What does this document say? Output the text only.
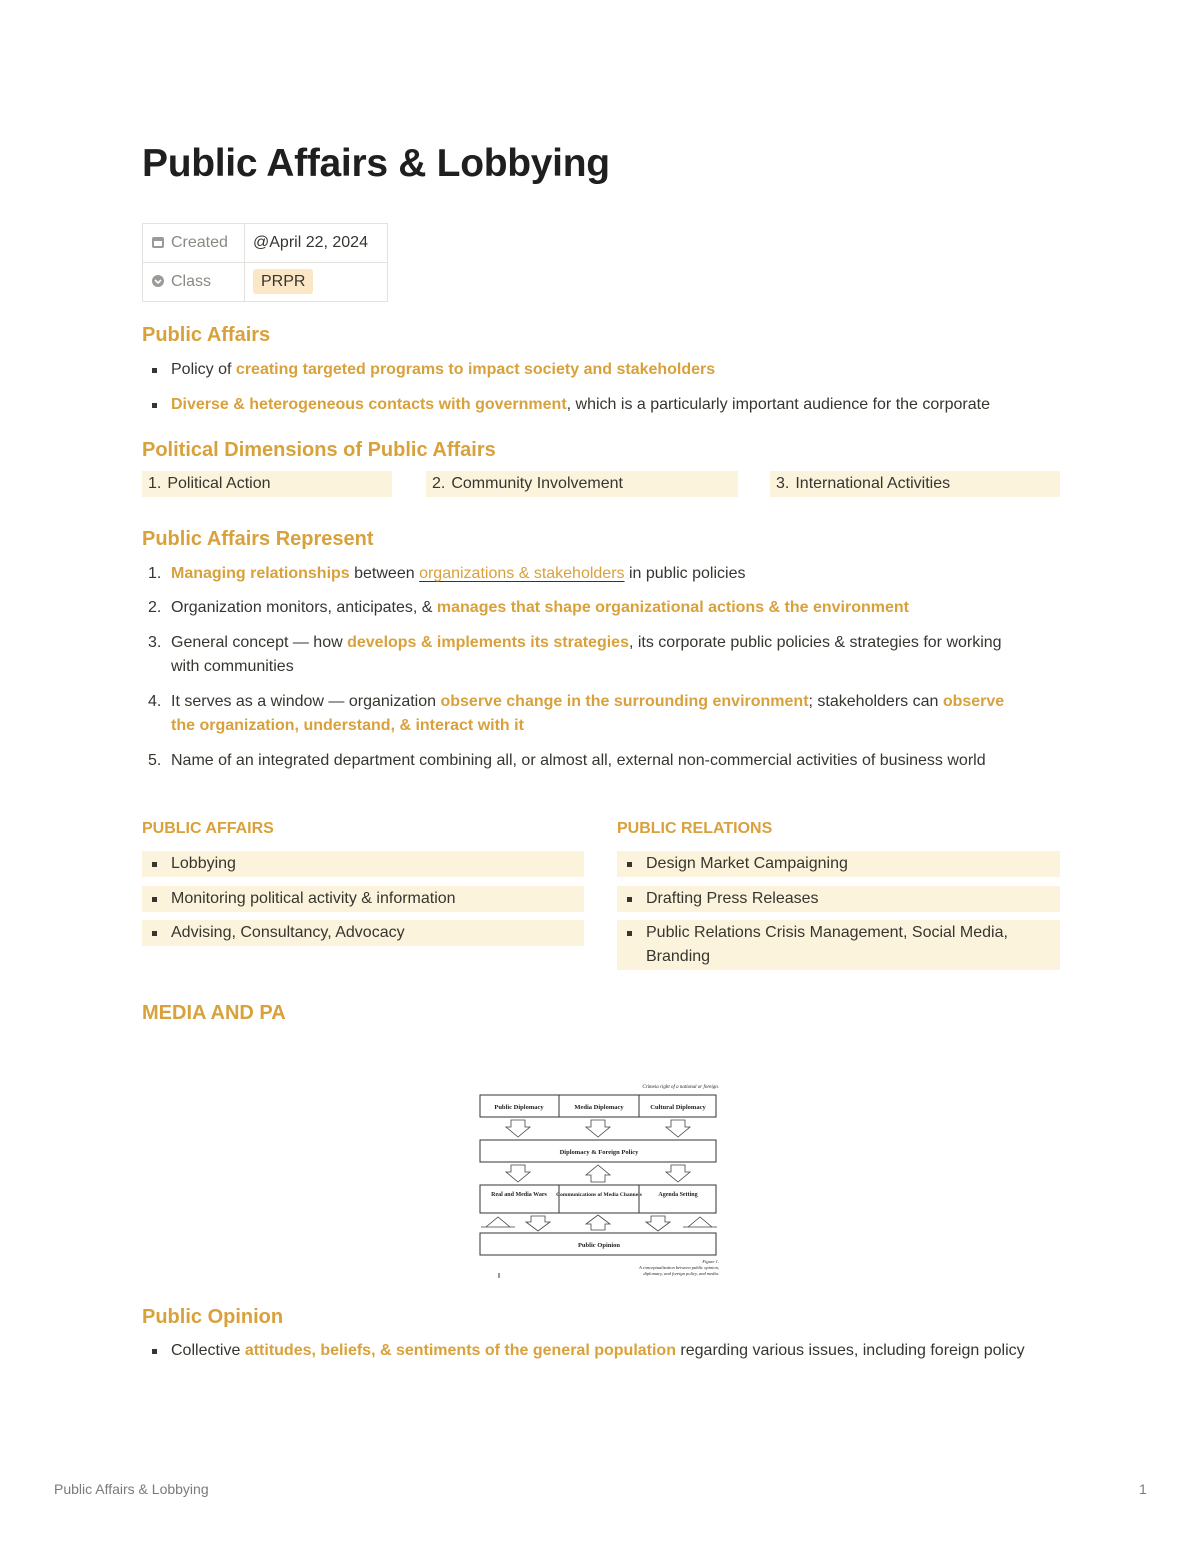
Public Affairs & Lobbying
Created	@April 22, 2024
Class	PRPR
Public Affairs
Policy of creating targeted programs to impact society and stakeholders
Diverse & heterogeneous contacts with government, which is a particularly important audience for the corporate
Political Dimensions of Public Affairs
1. Political Action	2. Community Involvement	3. International Activities
Public Affairs Represent
1. Managing relationships between organizations & stakeholders in public policies
2. Organization monitors, anticipates, & manages that shape organizational actions & the environment
3. General concept — how develops & implements its strategies, its corporate public policies & strategies for working with communities
4. It serves as a window — organization observe change in the surrounding environment; stakeholders can observe the organization, understand, & interact with it
5. Name of an integrated department combining all, or almost all, external non-commercial activities of business world
PUBLIC AFFAIRS	PUBLIC RELATIONS
Lobbying
Monitoring political activity & information
Advising, Consultancy, Advocacy
Design Market Campaigning
Drafting Press Releases
Public Relations Crisis Management, Social Media, Branding
MEDIA AND PA
Crimeia right of a national or foreign.
Public Diplomacy	Media Diplomacy	Cultural Diplomacy
Diplomacy & Foreign Policy
Real and Media Wars Communications of Media Channels	Agenda Setting
Public Opinion
Figure 1.
A conceptualization between public opinion,
diplomacy, and foreign policy, and media.
Public Opinion
Collective attitudes, beliefs, & sentiments of the general population regarding various issues, including foreign policy
Public Affairs & Lobbying	1
